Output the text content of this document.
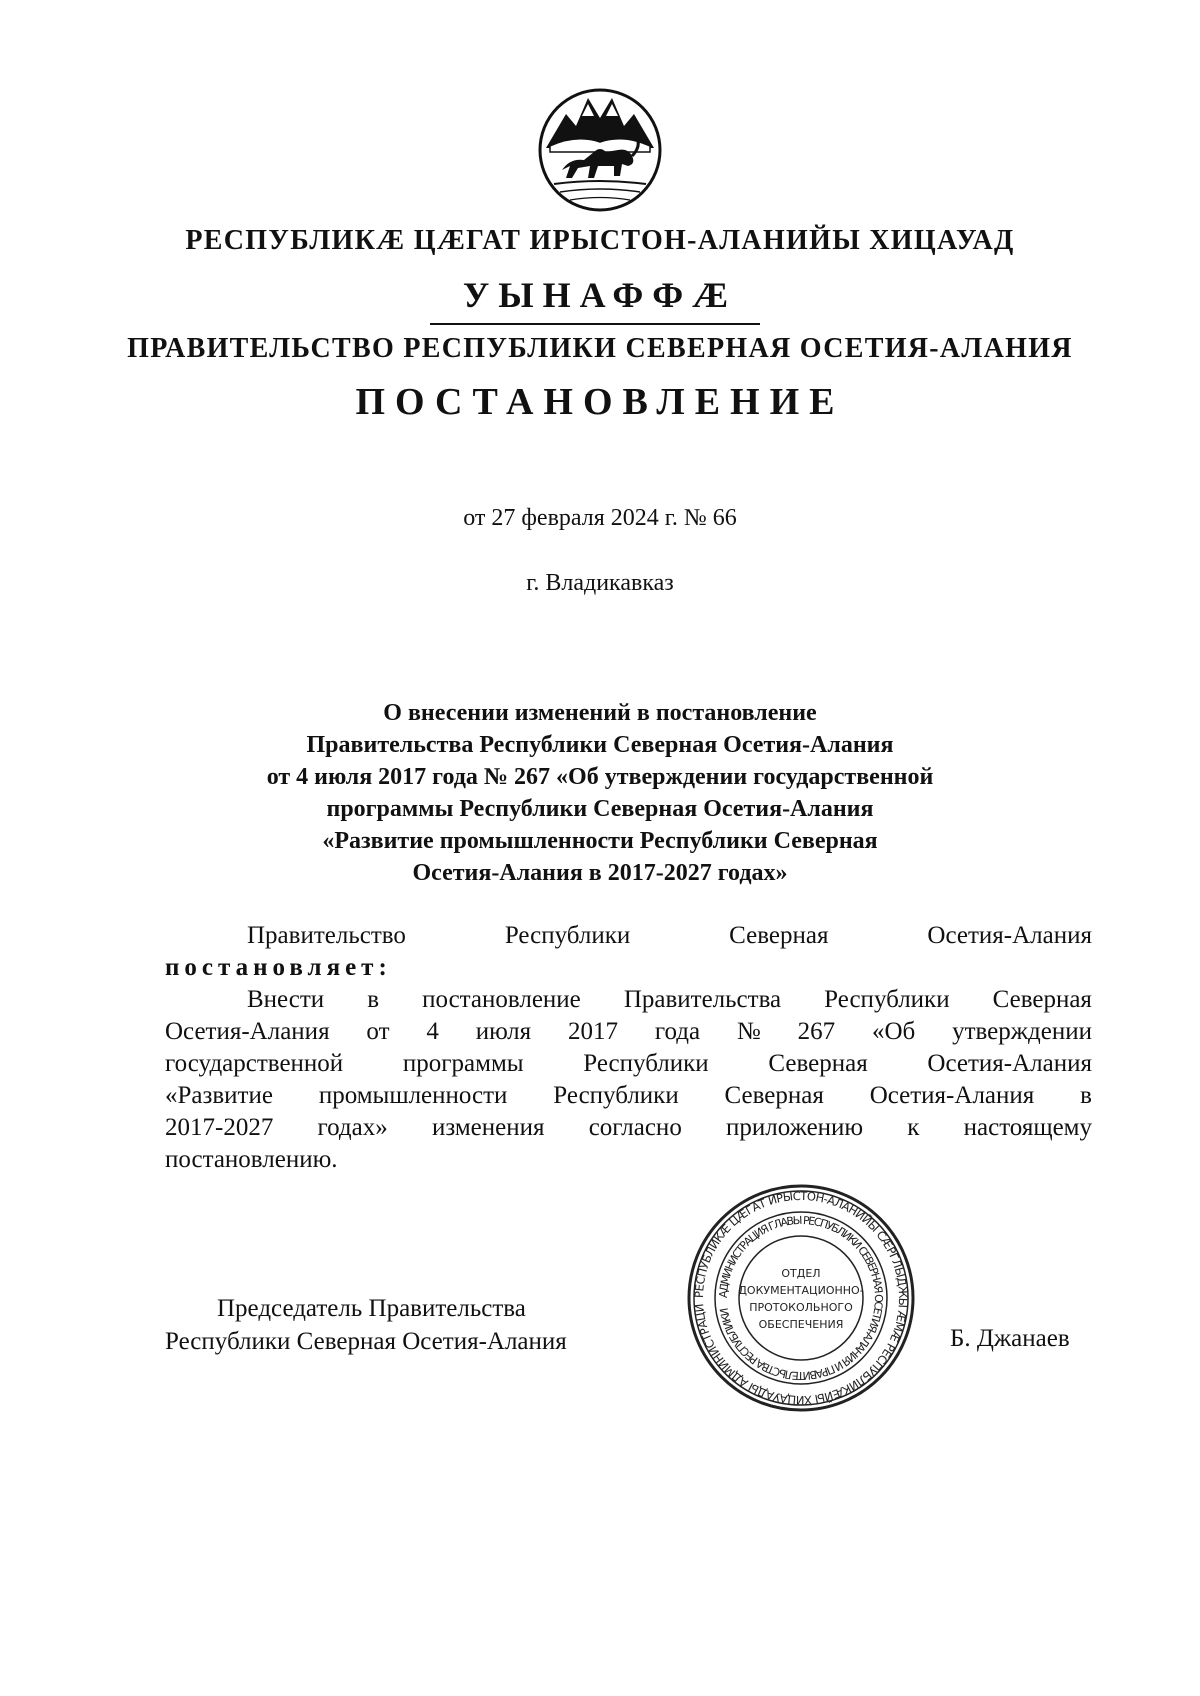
РЕСПУБЛИКӔ ЦӔГАТ ИРЫСТОН-АЛАНИЙЫ ХИЦАУАД
УЫНАФФӔ
ПРАВИТЕЛЬСТВО РЕСПУБЛИКИ СЕВЕРНАЯ ОСЕТИЯ-АЛАНИЯ
ПОСТАНОВЛЕНИЕ
от 27 февраля 2024 г. № 66
г. Владикавказ
О внесении изменений в постановление
Правительства Республики Северная Осетия-Алания
от 4 июля 2017 года № 267 «Об утверждении государственной
программы Республики Северная Осетия-Алания
«Развитие промышленности Республики Северная
Осетия-Алания в 2017-2027 годах»
Правительство	Республики	Северная	Осетия-Алания
постановляет:
Внести в постановление Правительства Республики Северная
Осетия-Алания от 4 июля 2017 года № 267 «Об утверждении
государственной программы Республики Северная Осетия-Алания
«Развитие промышленности Республики Северная Осетия-Алания в
2017-2027 годах» изменения согласно приложению к настоящему
постановлению.
Председатель Правительства
Республики Северная Осетия-Алания	Б. Джанаев
РЕСПУБЛИКӔ ЦӔГАТ ИРЫСТОН-АЛАНИЙЫ СӔРГЛЫДЖЫ ӔМӔ РЕСПУБЛИКӔЙЫ ХИЦАУАДЫ АДМИНИСТРАЦИ
АДМИНИСТРАЦИЯ ГЛАВЫ РЕСПУБЛИКИ СЕВЕРНАЯ ОСЕТИЯ-АЛАНИЯ И ПРАВИТЕЛЬСТВА РЕСПУБЛИКИ
ОТДЕЛ
ДОКУМЕНТАЦИОННО-
ПРОТОКОЛЬНОГО
ОБЕСПЕЧЕНИЯ
